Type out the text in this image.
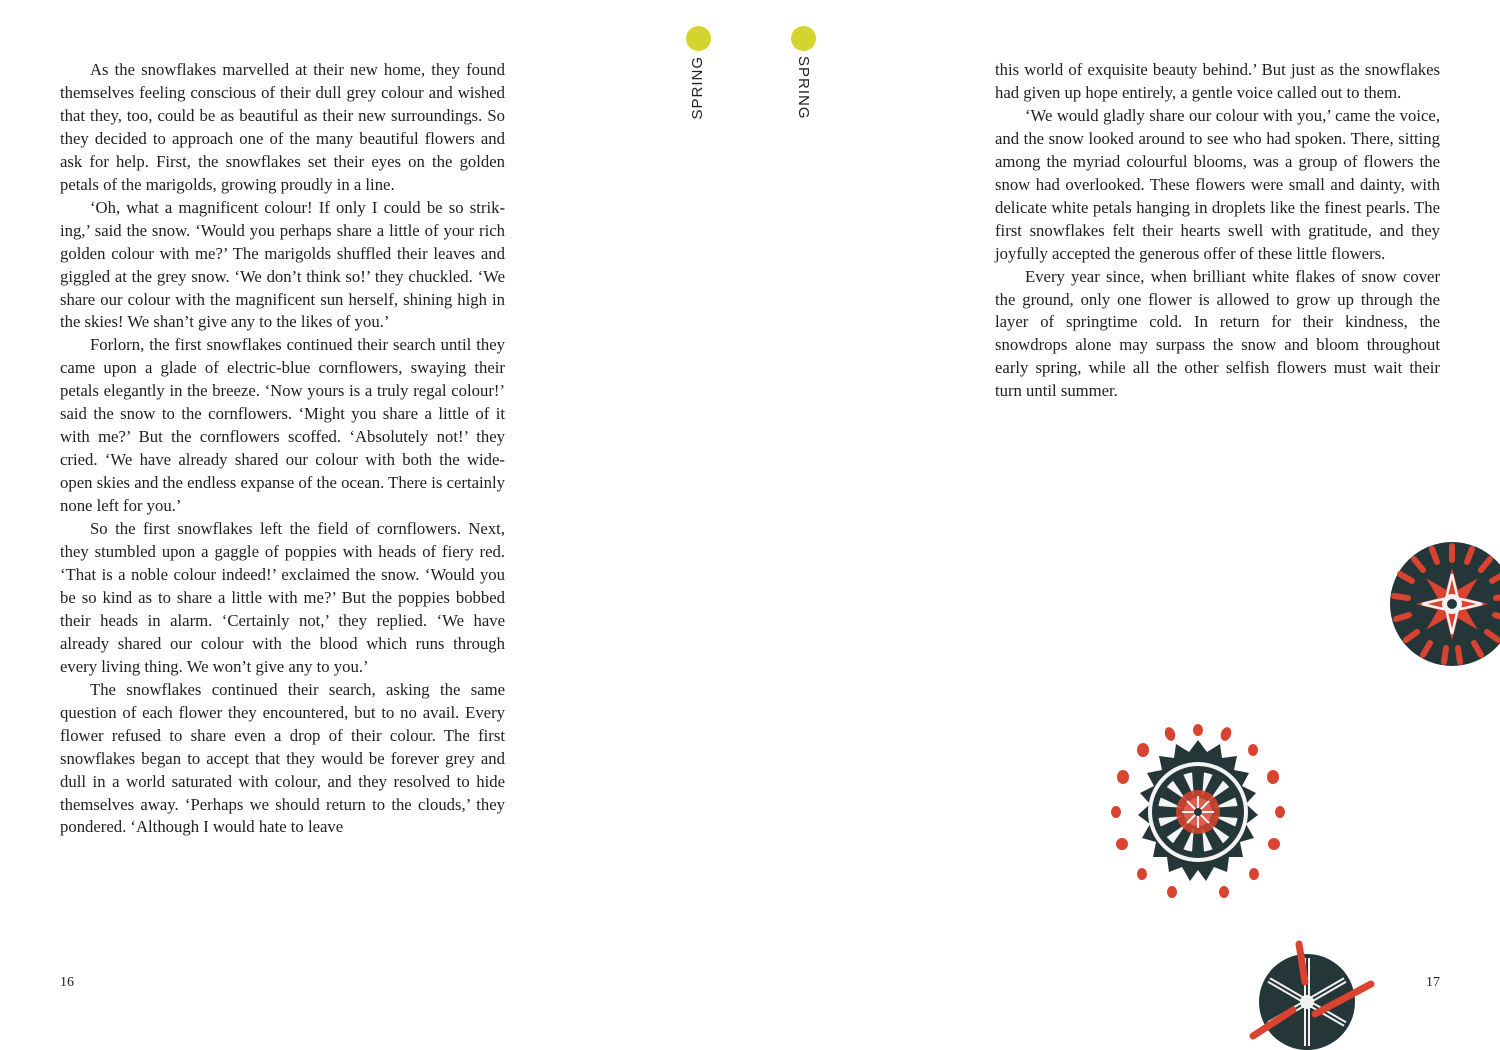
As the snowflakes marvelled at their new home, they found themselves feeling conscious of their dull grey colour and wished that they, too, could be as beautiful as their new surroundings. So they decided to approach one of the many beautiful flowers and ask for help. First, the snowflakes set their eyes on the golden petals of the marigolds, growing proudly in a line.

‘Oh, what a magnificent colour! If only I could be so striking,’ said the snow. ‘Would you perhaps share a little of your rich golden colour with me?’ The marigolds shuffled their leaves and giggled at the grey snow. ‘We don’t think so!’ they chuckled. ‘We share our colour with the magnificent sun herself, shining high in the skies! We shan’t give any to the likes of you.’

Forlorn, the first snowflakes continued their search until they came upon a glade of electric-blue cornflowers, swaying their petals elegantly in the breeze. ‘Now yours is a truly regal colour!’ said the snow to the cornflowers. ‘Might you share a little of it with me?’ But the cornflowers scoffed. ‘Absolutely not!’ they cried. ‘We have already shared our colour with both the wide-open skies and the endless expanse of the ocean. There is certainly none left for you.’

So the first snowflakes left the field of cornflowers. Next, they stumbled upon a gaggle of poppies with heads of fiery red. ‘That is a noble colour indeed!’ exclaimed the snow. ‘Would you be so kind as to share a little with me?’ But the poppies bobbed their heads in alarm. ‘Certainly not,’ they replied. ‘We have already shared our colour with the blood which runs through every living thing. We won’t give any to you.’

The snowflakes continued their search, asking the same question of each flower they encountered, but to no avail. Every flower refused to share even a drop of their colour. The first snowflakes began to accept that they would be forever grey and dull in a world saturated with colour, and they resolved to hide themselves away. ‘Perhaps we should return to the clouds,’ they pondered. ‘Although I would hate to leave

SPRING
16
SPRING	this world of exquisite beauty behind.’ But just as the snowflakes had given up hope entirely, a gentle voice called out to them.

‘We would gladly share our colour with you,’ came the voice, and the snow looked around to see who had spoken. There, sitting among the myriad colourful blooms, was a group of flowers the snow had overlooked. These flowers were small and dainty, with delicate white petals hanging in droplets like the finest pearls. The first snowflakes felt their hearts swell with gratitude, and they joyfully accepted the generous offer of these little flowers.

Every year since, when brilliant white flakes of snow cover the ground, only one flower is allowed to grow up through the layer of springtime cold. In return for their kindness, the snowdrops alone may surpass the snow and bloom throughout early spring, while all the other selfish flowers must wait their turn until summer.

17
